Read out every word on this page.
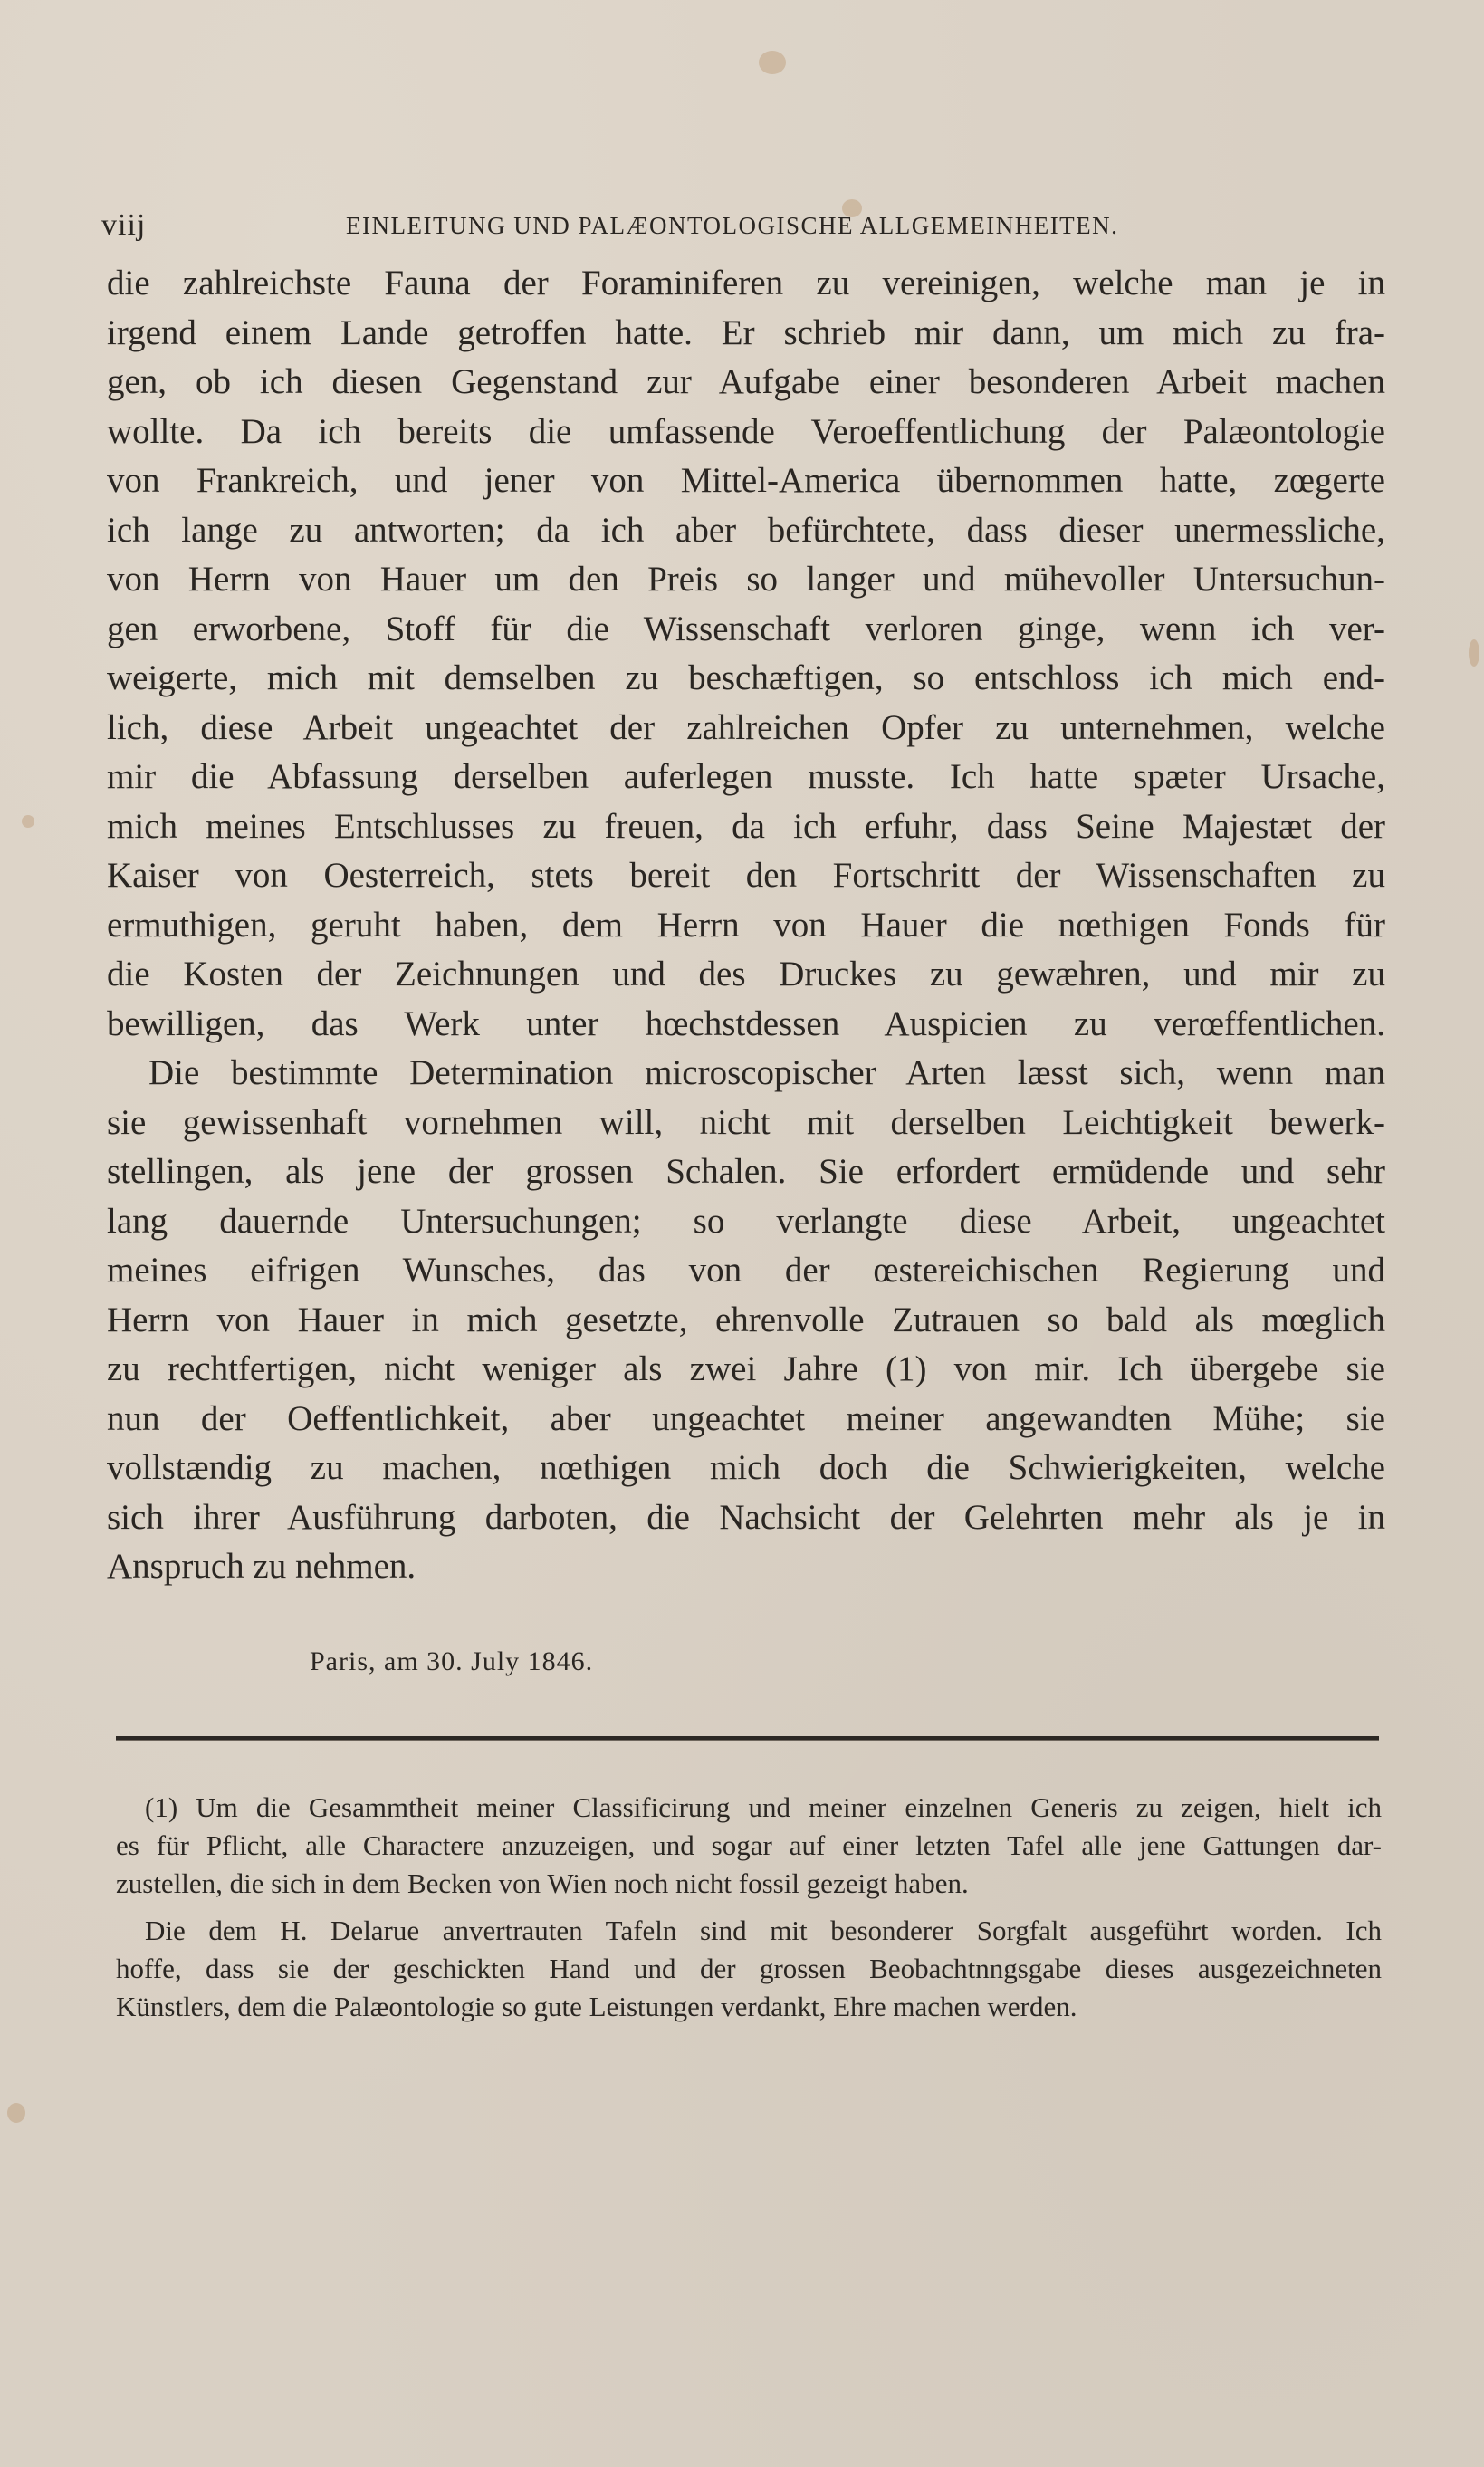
viij	EINLEITUNG UND PALÆONTOLOGISCHE ALLGEMEINHEITEN.
die zahlreichste Fauna der Foraminiferen zu vereinigen, welche man je in
irgend einem Lande getroffen hatte. Er schrieb mir dann, um mich zu fra-
gen, ob ich diesen Gegenstand zur Aufgabe einer besonderen Arbeit machen
wollte. Da ich bereits die umfassende Veroeffentlichung der Palæontologie
von Frankreich, und jener von Mittel-America übernommen hatte, zœgerte
ich lange zu antworten; da ich aber befürchtete, dass dieser unermessliche,
von Herrn von Hauer um den Preis so langer und mühevoller Untersuchun-
gen erworbene, Stoff für die Wissenschaft verloren ginge, wenn ich ver-
weigerte, mich mit demselben zu beschæftigen, so entschloss ich mich end-
lich, diese Arbeit ungeachtet der zahlreichen Opfer zu unternehmen, welche
mir die Abfassung derselben auferlegen musste. Ich hatte spæter Ursache,
mich meines Entschlusses zu freuen, da ich erfuhr, dass Seine Majestæt der
Kaiser von Oesterreich, stets bereit den Fortschritt der Wissenschaften zu
ermuthigen, geruht haben, dem Herrn von Hauer die nœthigen Fonds für
die Kosten der Zeichnungen und des Druckes zu gewæhren, und mir zu
bewilligen, das Werk unter hœchstdessen Auspicien zu verœffentlichen.
Die bestimmte Determination microscopischer Arten læsst sich, wenn man
sie gewissenhaft vornehmen will, nicht mit derselben Leichtigkeit bewerk-
stellingen, als jene der grossen Schalen. Sie erfordert ermüdende und sehr
lang dauernde Untersuchungen; so verlangte diese Arbeit, ungeachtet
meines eifrigen Wunsches, das von der œstereichischen Regierung und
Herrn von Hauer in mich gesetzte, ehrenvolle Zutrauen so bald als mœglich
zu rechtfertigen, nicht weniger als zwei Jahre (1) von mir. Ich übergebe sie
nun der Oeffentlichkeit, aber ungeachtet meiner angewandten Mühe; sie
vollstændig zu machen, nœthigen mich doch die Schwierigkeiten, welche
sich ihrer Ausführung darboten, die Nachsicht der Gelehrten mehr als je in
Anspruch zu nehmen.
Paris, am 30. July 1846.
(1) Um die Gesammtheit meiner Classificirung und meiner einzelnen Generis zu zeigen, hielt ich
es für Pflicht, alle Charactere anzuzeigen, und sogar auf einer letzten Tafel alle jene Gattungen dar-
zustellen, die sich in dem Becken von Wien noch nicht fossil gezeigt haben.
Die dem H. Delarue anvertrauten Tafeln sind mit besonderer Sorgfalt ausgeführt worden. Ich
hoffe, dass sie der geschickten Hand und der grossen Beobachtnngsgabe dieses ausgezeichneten
Künstlers, dem die Palæontologie so gute Leistungen verdankt, Ehre machen werden.
